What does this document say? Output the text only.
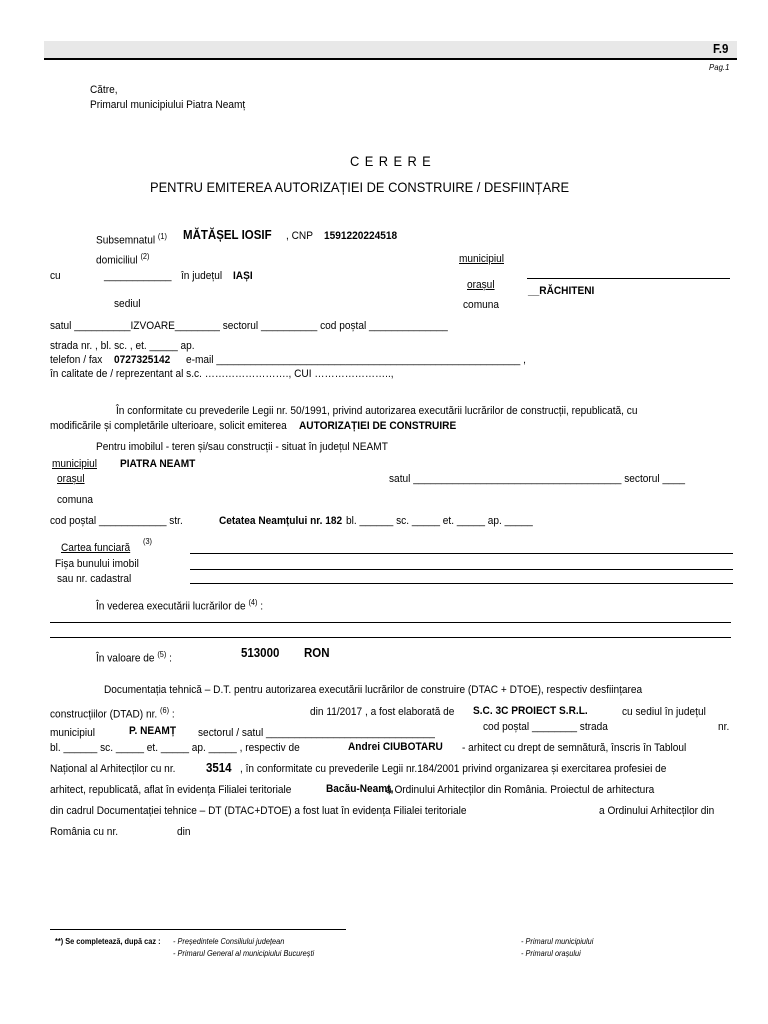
F.9
Pag.1
Către,
Primarul municipiului Piatra Neamț
C E R E R E
PENTRU EMITEREA AUTORIZAȚIEI DE CONSTRUIRE / DESFIINȚARE
Subsemnatul $^{(1)}$ MĂTĂȘEL IOSIF , CNP 1591220224518
domiciliul $^{(2)}$	municipiul
cu	____________ în județul IAȘI
orașul	__RĂCHITENI
sediul	comuna
satul __________IZVOARE________ sectorul __________ cod poștal ______________
strada nr. , bl. sc. , et. _____ ap.
telefon / fax 0727325142 e-mail ______________________________________________________ ,
în calitate de / reprezentant al s.c. ……………………., CUI …………………..,
În conformitate cu prevederile Legii nr. 50/1991, privind autorizarea executării lucrărilor de construcții, republicată, cu
modificările și completările ulterioare, solicit emiterea AUTORIZAȚIEI DE CONSTRUIRE
Pentru imobilul - teren și/sau construcții - situat în județul NEAMT
municipiul PIATRA NEAMT
orașul	satul _____________________________________ sectorul ____
comuna
cod poștal ____________ str.	Cetatea Neamțului nr. 182 bl. ______ sc. _____ et. _____ ap. _____
Cartea funciară
$^{(3)}$
Fișa bunului imobil
sau nr. cadastral
În vederea executării lucrărilor de $^{(4)}$ :
În valoare de $^{(5)}$ :	513000 RON
Documentația tehnică – D.T. pentru autorizarea executării lucrărilor de construire (DTAC + DTOE), respectiv desființarea
construcțiilor (DTAD) nr. $^{(6)}$ :	din 11/2017 , a fost elaborată de S.C. 3C PROIECT S.R.L.	cu sediul în județul
municipiul	P. NEAMȚ sectorul / satul ______________________________	cod poștal ________ strada	nr.
bl. ______ sc. _____ et. _____ ap. _____ , respectiv de	Andrei CIUBOTARU - arhitect cu drept de semnătură, înscris în Tabloul
Național al Arhitecților cu nr. 3514 , în conformitate cu prevederile Legii nr.184/2001 privind organizarea și exercitarea profesiei de
arhitect, republicată, aflat în evidența Filialei teritoriale	Bacău-Neamț,
a Ordinului Arhitecților din România. Proiectul de arhitectura
din cadrul Documentației tehnice – DT (DTAC+DTOE) a fost luat în evidența Filialei teritoriale	a Ordinului Arhitecților din
România cu nr.	din
**) Se completează, după caz : - Președintele Consiliului județean
- Primarul General al municipiului București
- Primarul municipiului
- Primarul orașului
